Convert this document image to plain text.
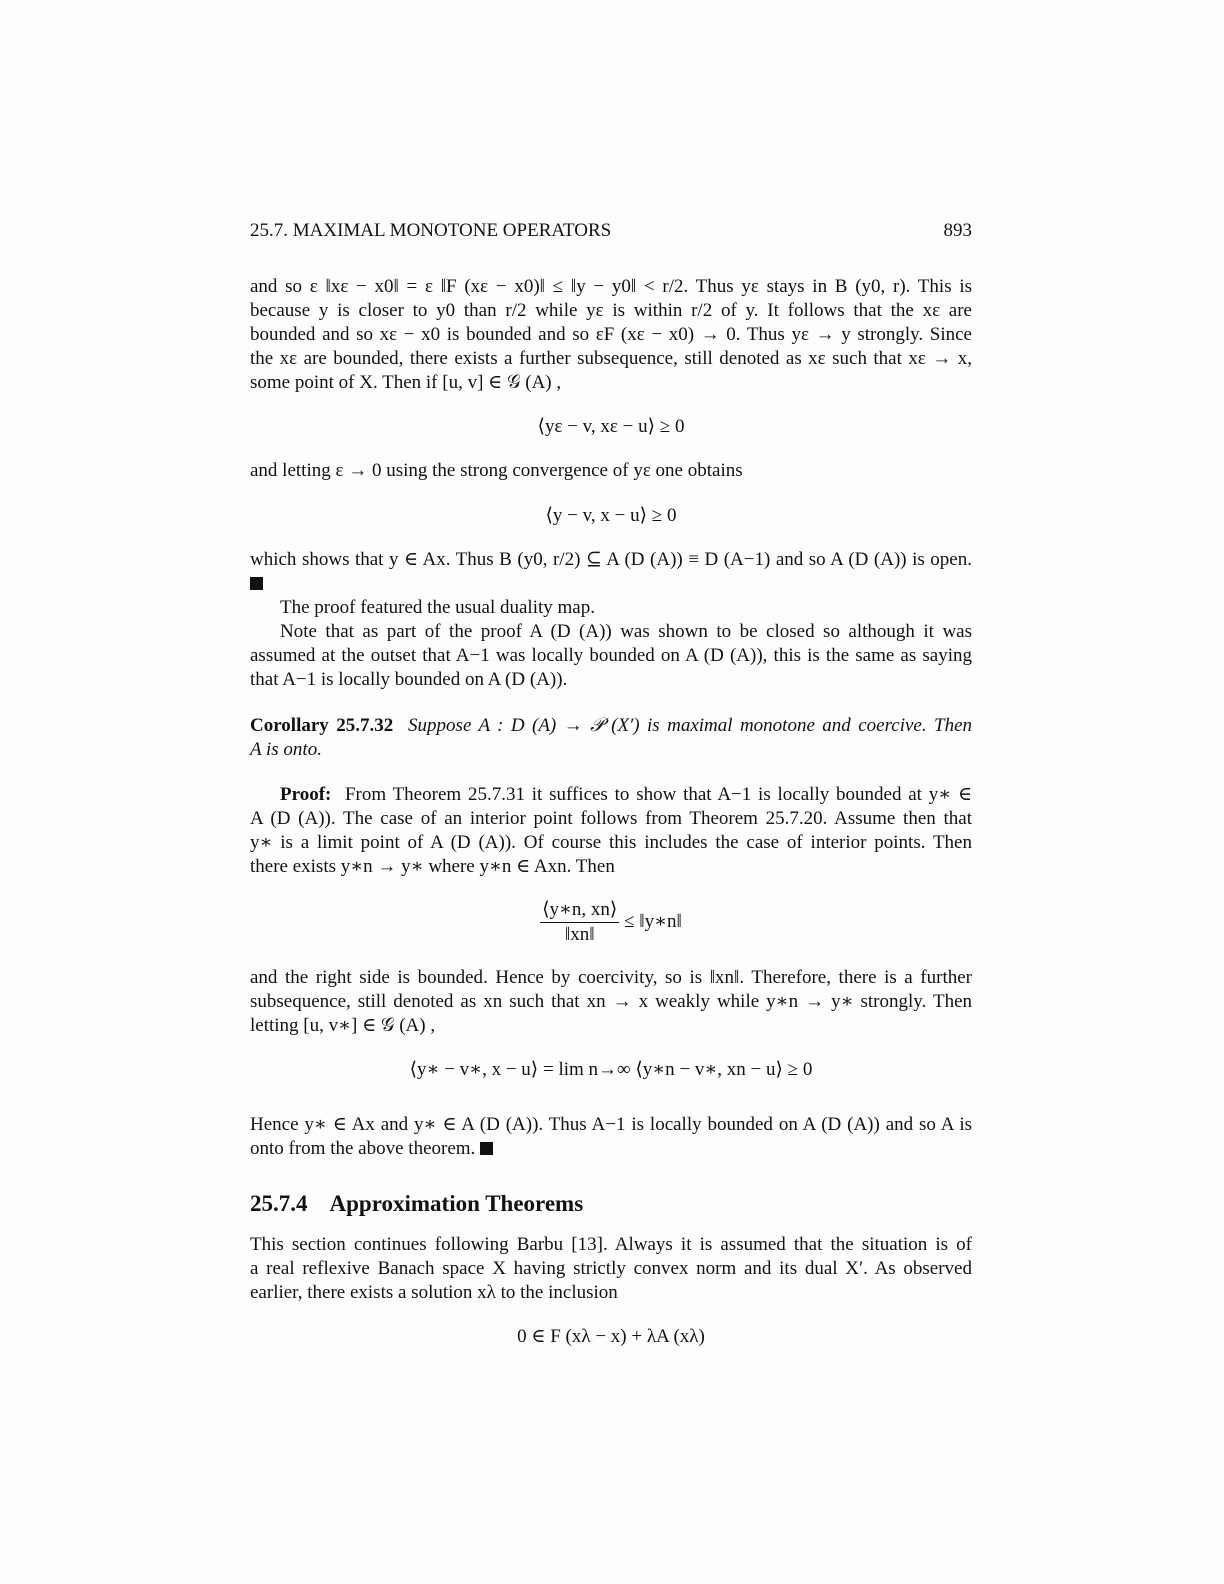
25.7. MAXIMAL MONOTONE OPERATORS	893
and so ε ‖xε − x0‖ = ε ‖F (xε − x0)‖ ≤ ‖y − y0‖ < r/2. Thus yε stays in B (y0, r). This is
because y is closer to y0 than r/2 while yε is within r/2 of y. It follows that the xε are
bounded and so xε − x0 is bounded and so εF (xε − x0) → 0. Thus yε → y strongly. Since
the xε are bounded, there exists a further subsequence, still denoted as xε such that xε → x,
some point of X. Then if [u, v] ∈ 𝒢 (A) ,
⟨yε − v, xε − u⟩ ≥ 0
and letting ε → 0 using the strong convergence of yε one obtains
⟨y − v, x − u⟩ ≥ 0
which shows that y ∈ Ax. Thus B (y0, r/2) ⊆ A (D (A)) ≡ D (A−1) and so A (D (A)) is open.
The proof featured the usual duality map.
Note that as part of the proof A (D (A)) was shown to be closed so although it was
assumed at the outset that A−1 was locally bounded on A (D (A)), this is the same as saying
that A−1 is locally bounded on A (D (A)).
Corollary 25.7.32 Suppose A : D (A) → 𝒫 (X′) is maximal monotone and coercive. Then
A is onto.
Proof: From Theorem 25.7.31 it suffices to show that A−1 is locally bounded at y∗ ∈
A (D (A)). The case of an interior point follows from Theorem 25.7.20. Assume then that
y∗ is a limit point of A (D (A)). Of course this includes the case of interior points. Then
there exists y∗n → y∗ where y∗n ∈ Axn. Then
$\frac{⟨y∗n, xn⟩}{‖xn‖}$ ≤ ‖y∗n‖
and the right side is bounded. Hence by coercivity, so is ‖xn‖. Therefore, there is a further
subsequence, still denoted as xn such that xn → x weakly while y∗n → y∗ strongly. Then
letting [u, v∗] ∈ 𝒢 (A) ,
⟨y∗ − v∗, x − u⟩ = lim n→∞ ⟨y∗n − v∗, xn − u⟩ ≥ 0
Hence y∗ ∈ Ax and y∗ ∈ A (D (A)). Thus A−1 is locally bounded on A (D (A)) and so A is
onto from the above theorem.
25.7.4 Approximation Theorems
This section continues following Barbu [13]. Always it is assumed that the situation is of
a real reflexive Banach space X having strictly convex norm and its dual X′. As observed
earlier, there exists a solution xλ to the inclusion
0 ∈ F (xλ − x) + λA (xλ)
